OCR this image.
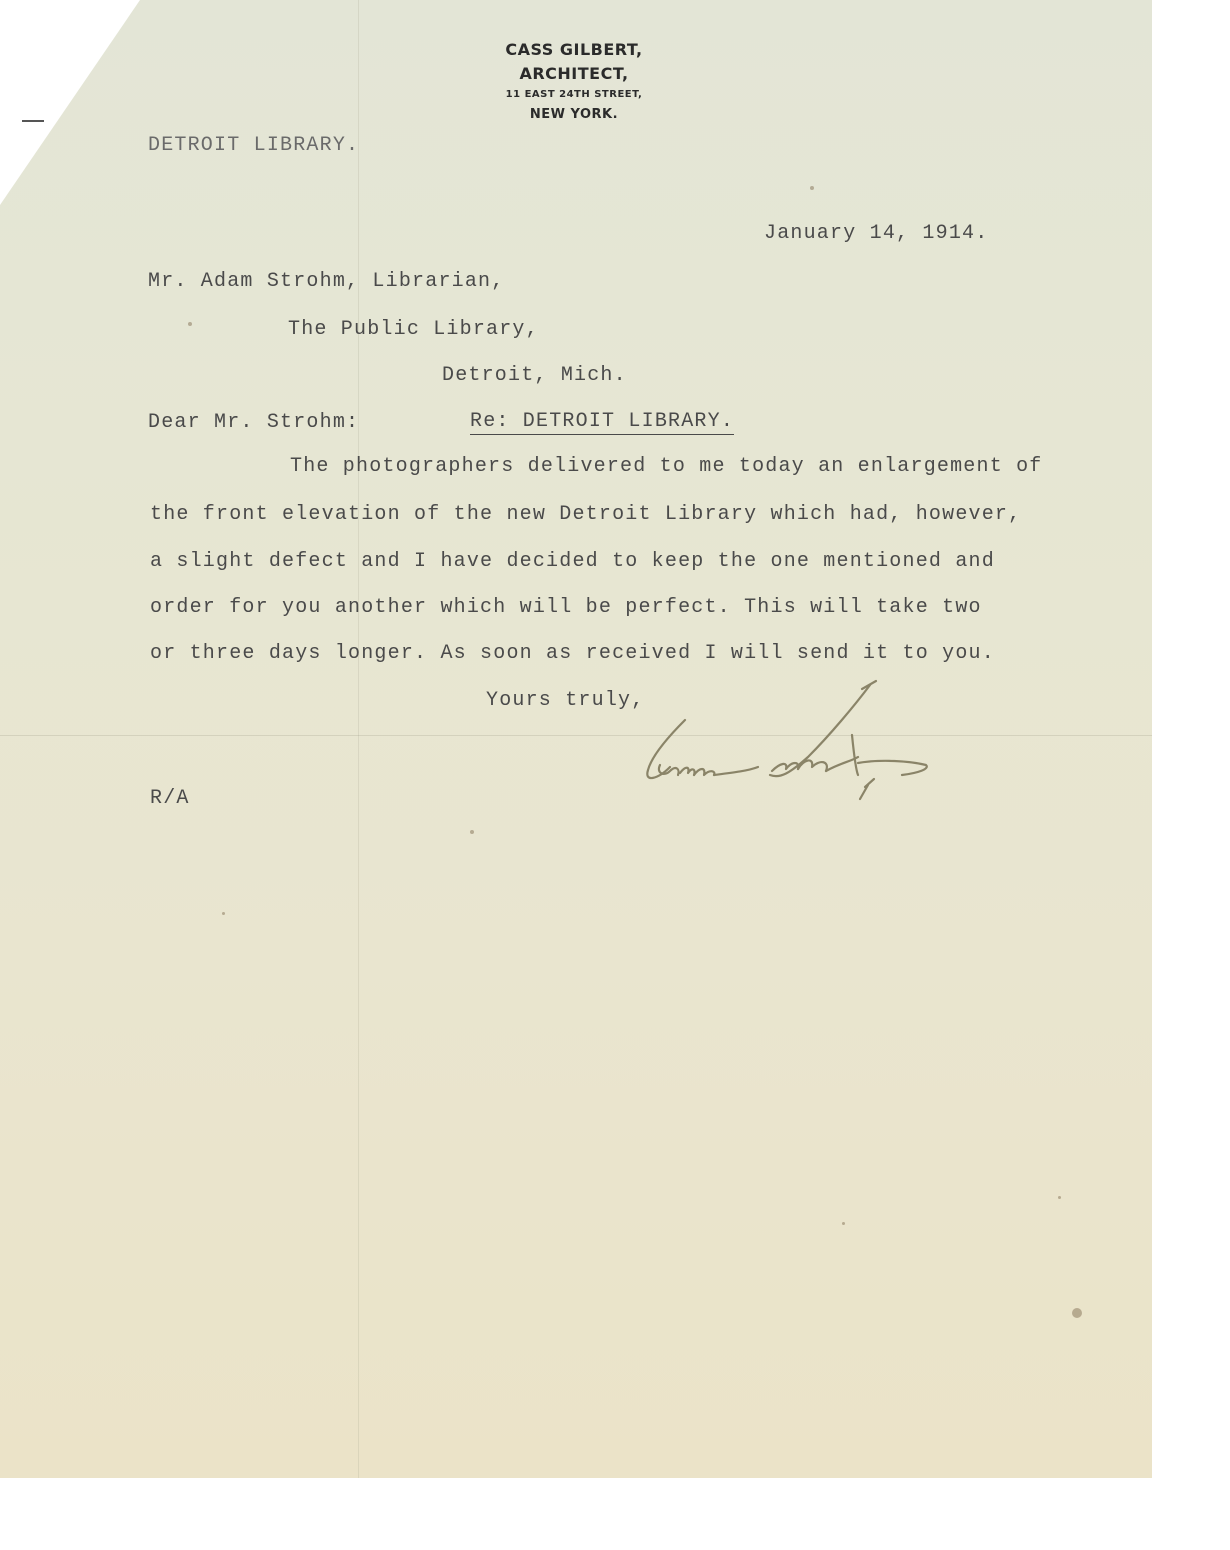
CASS GILBERT,
ARCHITECT,
11 EAST 24TH STREET,
NEW YORK.
DETROIT LIBRARY.
January 14, 1914.
Mr. Adam Strohm, Librarian,
The Public Library,
Detroit, Mich.
Dear Mr. Strohm:	Re: DETROIT LIBRARY.
The photographers delivered to me today an enlargement of
the front elevation of the new Detroit Library which had, however,
a slight defect and I have decided to keep the one mentioned and
order for you another which will be perfect. This will take two
or three days longer. As soon as received I will send it to you.
Yours truly,
R/A
